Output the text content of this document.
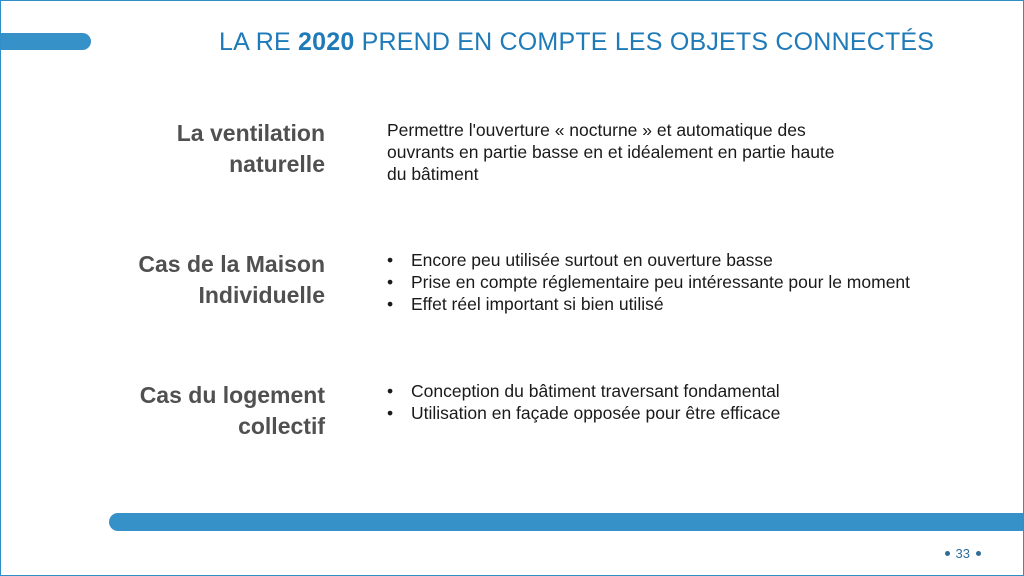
LA RE 2020 PREND EN COMPTE LES OBJETS CONNECTÉS
La ventilation
naturelle

Permettre l'ouverture « nocturne » et automatique des

ouvrants en partie basse en et idéalement en partie haute

du bâtiment

Cas de la Maison
Individuelle
• Encore peu utilisée surtout en ouverture basse
• Prise en compte réglementaire peu intéressante pour le moment
• Effet réel important si bien utilisé
Cas du logement
collectif
• Conception du bâtiment traversant fondamental
• Utilisation en façade opposée pour être efficace
33
